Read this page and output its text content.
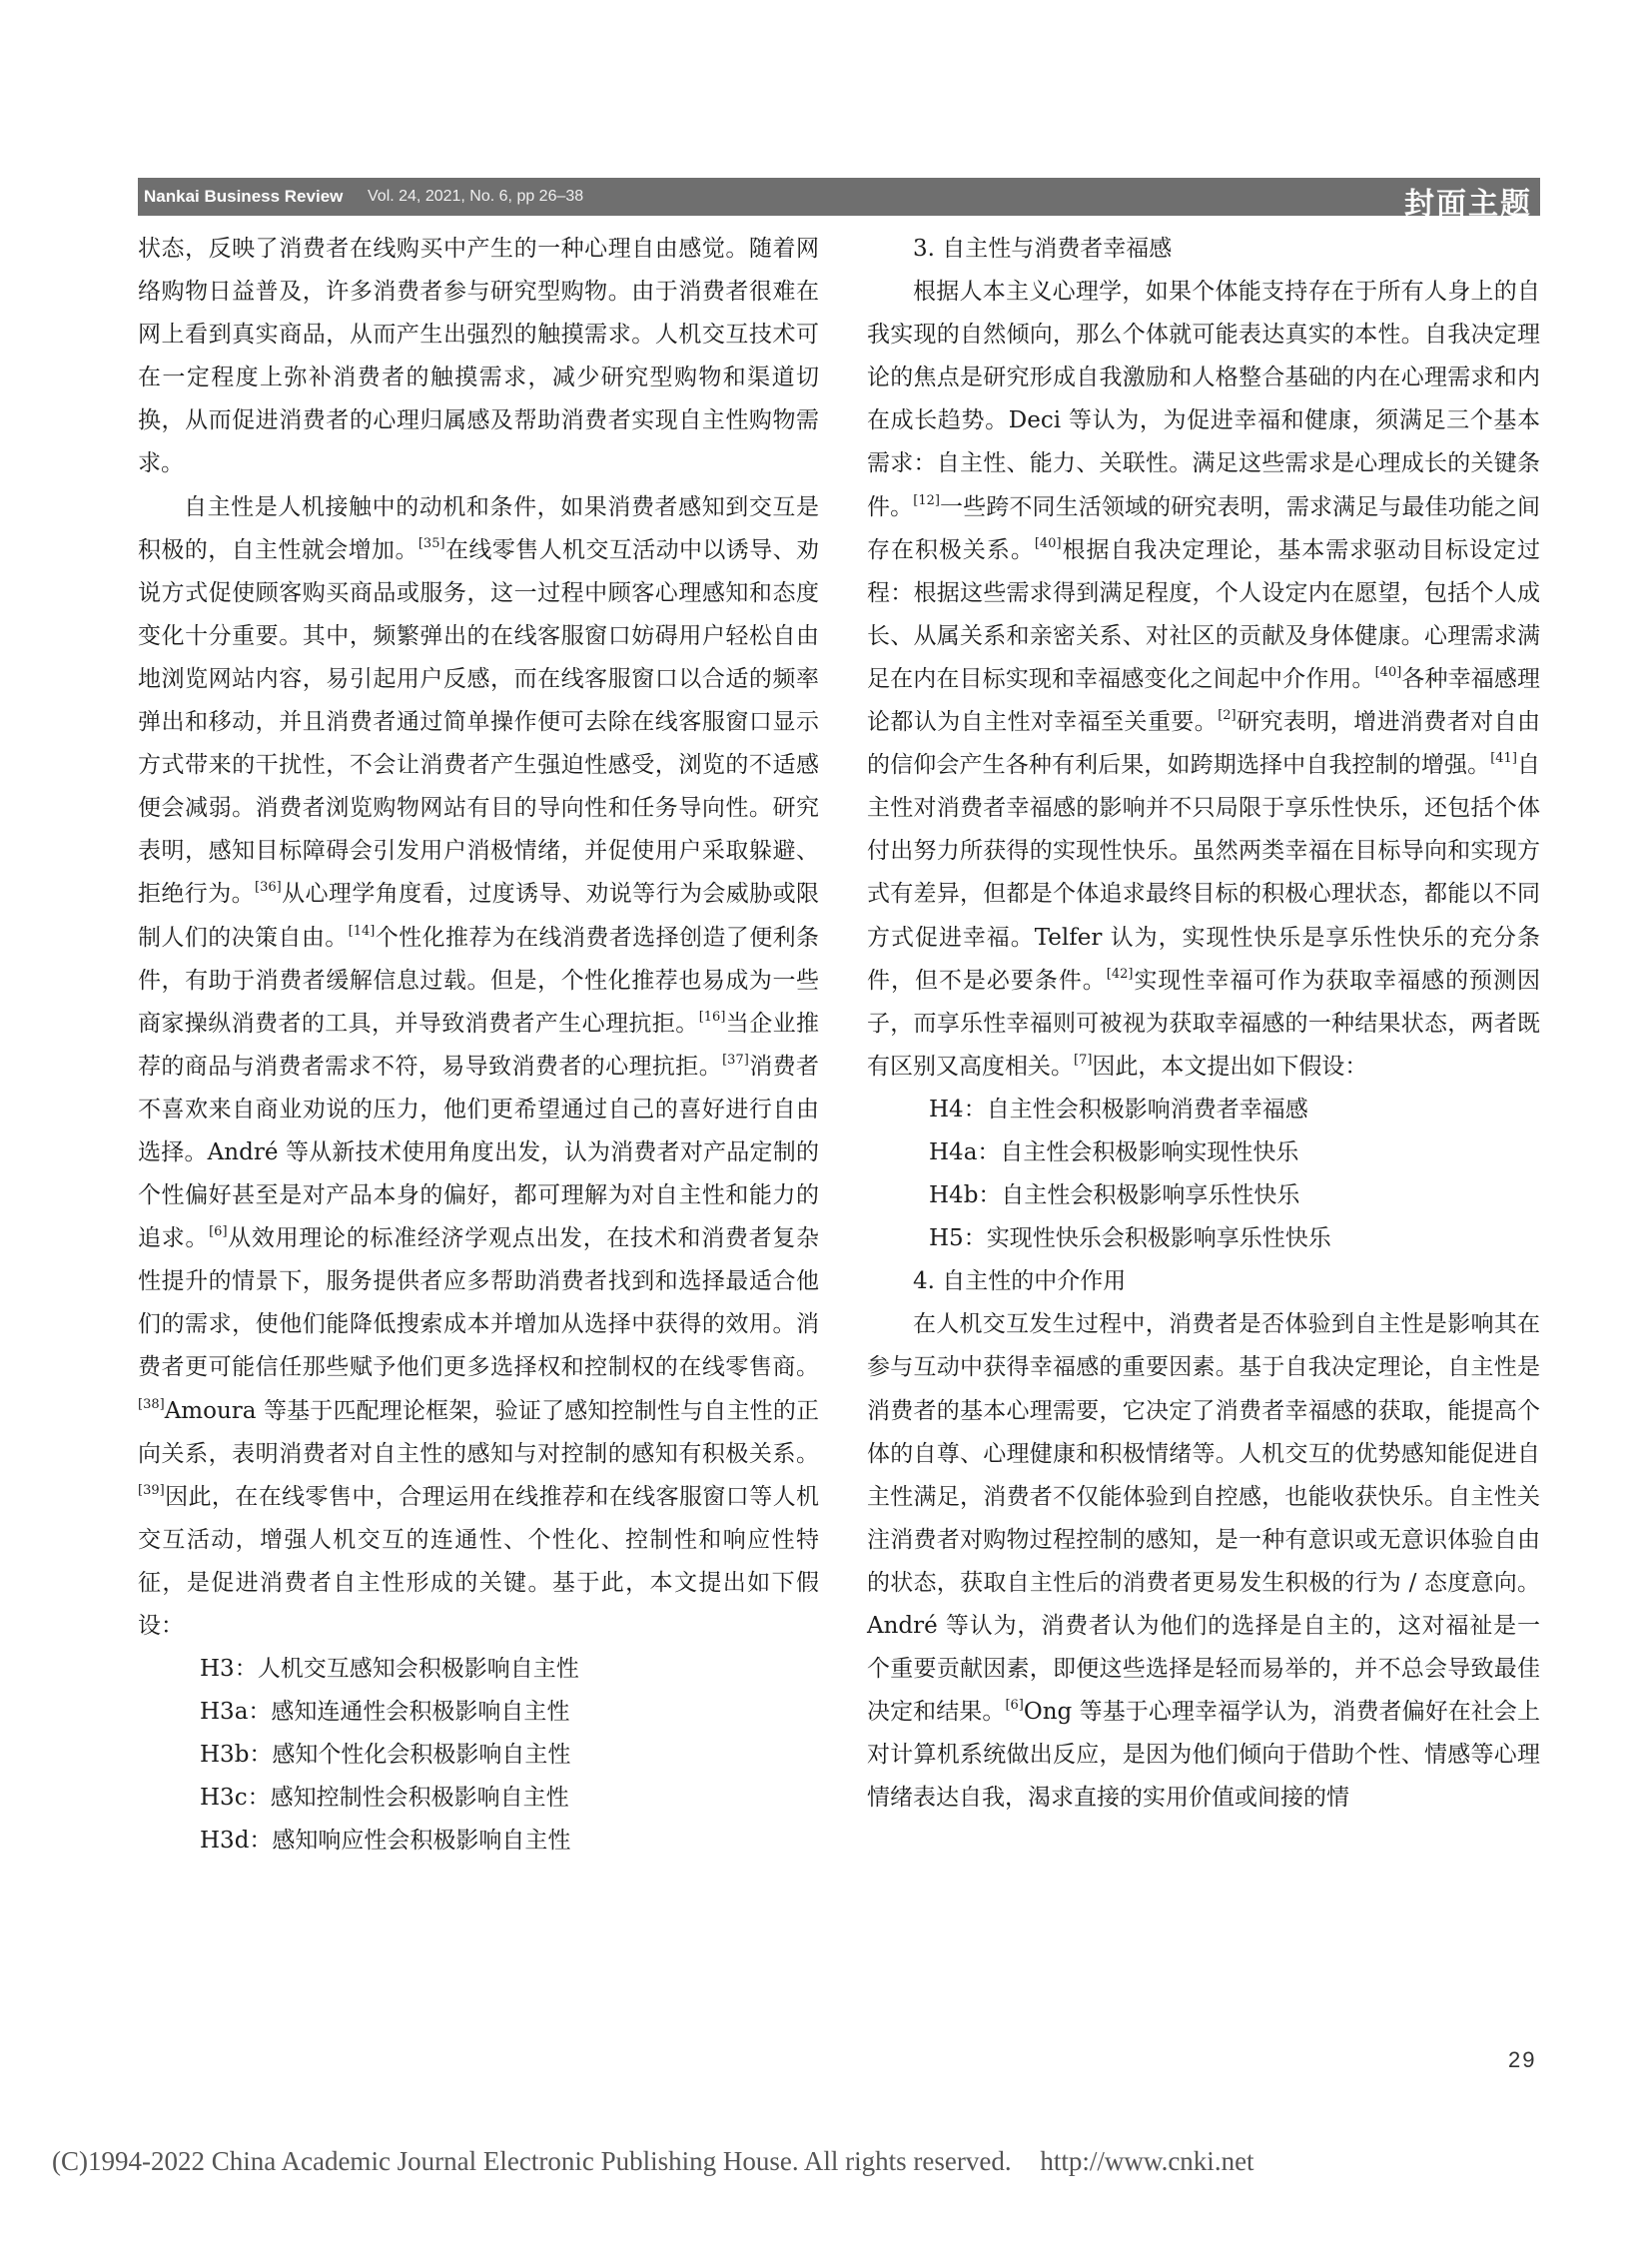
Nankai Business Review Vol. 24, 2021, No. 6, pp 26–38	封面主题

状态，反映了消费者在线购买中产生的一种心理自由感觉。随着网络购物日益普及，许多消费者参与研究型购物。由于消费者很难在网上看到真实商品，从而产生出强烈的触摸需求。人机交互技术可在一定程度上弥补消费者的触摸需求，减少研究型购物和渠道切换，从而促进消费者的心理归属感及帮助消费者实现自主性购物需求。

自主性是人机接触中的动机和条件，如果消费者感知到交互是积极的，自主性就会增加。[35]在线零售人机交互活动中以诱导、劝说方式促使顾客购买商品或服务，这一过程中顾客心理感知和态度变化十分重要。其中，频繁弹出的在线客服窗口妨碍用户轻松自由地浏览网站内容，易引起用户反感，而在线客服窗口以合适的频率弹出和移动，并且消费者通过简单操作便可去除在线客服窗口显示方式带来的干扰性，不会让消费者产生强迫性感受，浏览的不适感便会减弱。消费者浏览购物网站有目的导向性和任务导向性。研究表明，感知目标障碍会引发用户消极情绪，并促使用户采取躲避、拒绝行为。[36]从心理学角度看，过度诱导、劝说等行为会威胁或限制人们的决策自由。[14]个性化推荐为在线消费者选择创造了便利条件，有助于消费者缓解信息过载。但是，个性化推荐也易成为一些商家操纵消费者的工具，并导致消费者产生心理抗拒。[16]当企业推荐的商品与消费者需求不符，易导致消费者的心理抗拒。[37]消费者不喜欢来自商业劝说的压力，他们更希望通过自己的喜好进行自由选择。André 等从新技术使用角度出发，认为消费者对产品定制的个性偏好甚至是对产品本身的偏好，都可理解为对自主性和能力的追求。[6]从效用理论的标准经济学观点出发，在技术和消费者复杂性提升的情景下，服务提供者应多帮助消费者找到和选择最适合他们的需求，使他们能降低搜索成本并增加从选择中获得的效用。消费者更可能信任那些赋予他们更多选择权和控制权的在线零售商。[38]Amoura 等基于匹配理论框架，验证了感知控制性与自主性的正向关系，表明消费者对自主性的感知与对控制的感知有积极关系。[39]因此，在在线零售中，合理运用在线推荐和在线客服窗口等人机交互活动，增强人机交互的连通性、个性化、控制性和响应性特征，是促进消费者自主性形成的关键。基于此，本文提出如下假设：

H3：人机交互感知会积极影响自主性

H3a：感知连通性会积极影响自主性

H3b：感知个性化会积极影响自主性

H3c：感知控制性会积极影响自主性

H3d：感知响应性会积极影响自主性

3. 自主性与消费者幸福感

根据人本主义心理学，如果个体能支持存在于所有人身上的自我实现的自然倾向，那么个体就可能表达真实的本性。自我决定理论的焦点是研究形成自我激励和人格整合基础的内在心理需求和内在成长趋势。Deci 等认为，为促进幸福和健康，须满足三个基本需求：自主性、能力、关联性。满足这些需求是心理成长的关键条件。[12]一些跨不同生活领域的研究表明，需求满足与最佳功能之间存在积极关系。[40]根据自我决定理论，基本需求驱动目标设定过程：根据这些需求得到满足程度，个人设定内在愿望，包括个人成长、从属关系和亲密关系、对社区的贡献及身体健康。心理需求满足在内在目标实现和幸福感变化之间起中介作用。[40]各种幸福感理论都认为自主性对幸福至关重要。[2]研究表明，增进消费者对自由的信仰会产生各种有利后果，如跨期选择中自我控制的增强。[41]自主性对消费者幸福感的影响并不只局限于享乐性快乐，还包括个体付出努力所获得的实现性快乐。虽然两类幸福在目标导向和实现方式有差异，但都是个体追求最终目标的积极心理状态，都能以不同方式促进幸福。Telfer 认为，实现性快乐是享乐性快乐的充分条件，但不是必要条件。[42]实现性幸福可作为获取幸福感的预测因子，而享乐性幸福则可被视为获取幸福感的一种结果状态，两者既有区别又高度相关。[7]因此，本文提出如下假设：

H4：自主性会积极影响消费者幸福感

H4a：自主性会积极影响实现性快乐

H4b：自主性会积极影响享乐性快乐

H5：实现性快乐会积极影响享乐性快乐

4. 自主性的中介作用

在人机交互发生过程中，消费者是否体验到自主性是影响其在参与互动中获得幸福感的重要因素。基于自我决定理论，自主性是消费者的基本心理需要，它决定了消费者幸福感的获取，能提高个体的自尊、心理健康和积极情绪等。人机交互的优势感知能促进自主性满足，消费者不仅能体验到自控感，也能收获快乐。自主性关注消费者对购物过程控制的感知，是一种有意识或无意识体验自由的状态，获取自主性后的消费者更易发生积极的行为 / 态度意向。André 等认为，消费者认为他们的选择是自主的，这对福祉是一个重要贡献因素，即便这些选择是轻而易举的，并不总会导致最佳决定和结果。[6]Ong 等基于心理幸福学认为，消费者偏好在社会上对计算机系统做出反应，是因为他们倾向于借助个性、情感等心理情绪表达自我，渴求直接的实用价值或间接的情

29
(C)1994-2022 China Academic Journal Electronic Publishing House. All rights reserved. http://www.cnki.net
